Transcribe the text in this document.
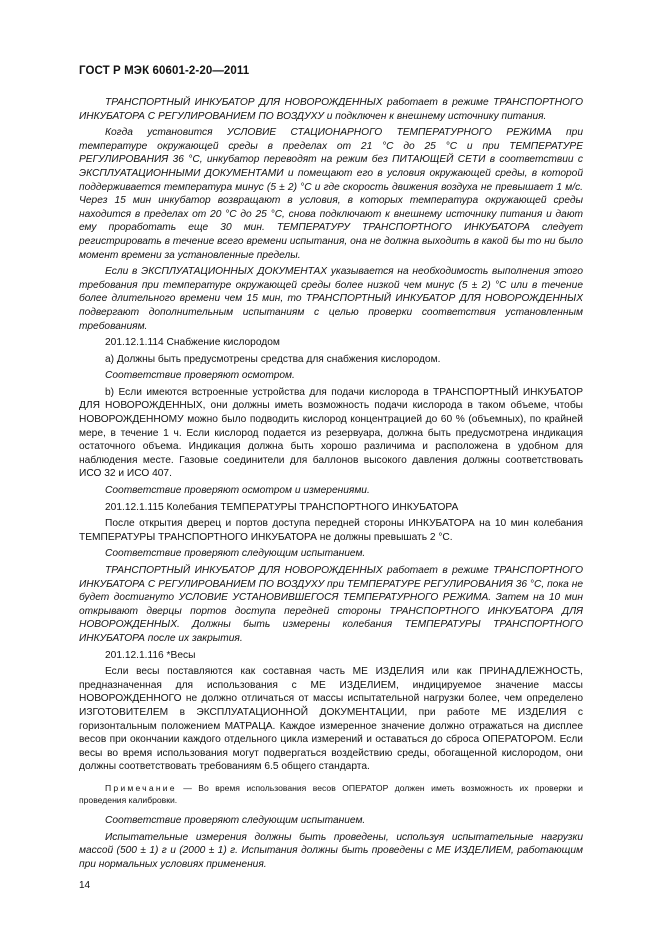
ГОСТ Р МЭК 60601-2-20—2011

ТРАНСПОРТНЫЙ ИНКУБАТОР ДЛЯ НОВОРОЖДЕННЫХ работает в режиме ТРАНСПОРТНОГО ИНКУБАТОРА С РЕГУЛИРОВАНИЕМ ПО ВОЗДУХУ и подключен к внешнему источнику питания.

Когда установится УСЛОВИЕ СТАЦИОНАРНОГО ТЕМПЕРАТУРНОГО РЕЖИМА при температуре окружающей среды в пределах от 21 °C до 25 °C и при ТЕМПЕРАТУРЕ РЕГУЛИРОВАНИЯ 36 °C, инкубатор переводят на режим без ПИТАЮЩЕЙ СЕТИ в соответствии с ЭКСПЛУАТАЦИОННЫМИ ДОКУМЕНТАМИ и помещают его в условия окружающей среды, в которой поддерживается температура минус (5 ± 2) °C и где скорость движения воздуха не превышает 1 м/с. Через 15 мин инкубатор возвращают в условия, в которых температура окружающей среды находится в пределах от 20 °C до 25 °C, снова подключают к внешнему источнику питания и дают ему проработать еще 30 мин. ТЕМПЕРАТУРУ ТРАНСПОРТНОГО ИНКУБАТОРА следует регистрировать в течение всего времени испытания, она не должна выходить в какой бы то ни было момент времени за установленные пределы.

Если в ЭКСПЛУАТАЦИОННЫХ ДОКУМЕНТАХ указывается на необходимость выполнения этого требования при температуре окружающей среды более низкой чем минус (5 ± 2) °C или в течение более длительного времени чем 15 мин, то ТРАНСПОРТНЫЙ ИНКУБАТОР ДЛЯ НОВОРОЖДЕННЫХ подвергают дополнительным испытаниям с целью проверки соответствия установленным требованиям.

201.12.1.114 Снабжение кислородом

a) Должны быть предусмотрены средства для снабжения кислородом.

Соответствие проверяют осмотром.

b) Если имеются встроенные устройства для подачи кислорода в ТРАНСПОРТНЫЙ ИНКУБАТОР ДЛЯ НОВОРОЖДЕННЫХ, они должны иметь возможность подачи кислорода в таком объеме, чтобы НОВОРОЖДЕННОМУ можно было подводить кислород концентрацией до 60 % (объемных), по крайней мере, в течение 1 ч. Если кислород подается из резервуара, должна быть предусмотрена индикация остаточного объема. Индикация должна быть хорошо различима и расположена в удобном для наблюдения месте. Газовые соединители для баллонов высокого давления должны соответствовать ИСО 32 и ИСО 407.

Соответствие проверяют осмотром и измерениями.

201.12.1.115 Колебания ТЕМПЕРАТУРЫ ТРАНСПОРТНОГО ИНКУБАТОРА

После открытия дверец и портов доступа передней стороны ИНКУБАТОРА на 10 мин колебания ТЕМПЕРАТУРЫ ТРАНСПОРТНОГО ИНКУБАТОРА не должны превышать 2 °C.

Соответствие проверяют следующим испытанием.

ТРАНСПОРТНЫЙ ИНКУБАТОР ДЛЯ НОВОРОЖДЕННЫХ работает в режиме ТРАНСПОРТНОГО ИНКУБАТОРА С РЕГУЛИРОВАНИЕМ ПО ВОЗДУХУ при ТЕМПЕРАТУРЕ РЕГУЛИРОВАНИЯ 36 °C, пока не будет достигнуто УСЛОВИЕ УСТАНОВИВШЕГОСЯ ТЕМПЕРАТУРНОГО РЕЖИМА. Затем на 10 мин открывают дверцы портов доступа передней стороны ТРАНСПОРТНОГО ИНКУБАТОРА ДЛЯ НОВОРОЖДЕННЫХ. Должны быть измерены колебания ТЕМПЕРАТУРЫ ТРАНСПОРТНОГО ИНКУБАТОРА после их закрытия.

201.12.1.116 *Весы

Если весы поставляются как составная часть МЕ ИЗДЕЛИЯ или как ПРИНАДЛЕЖНОСТЬ, предназначенная для использования с МЕ ИЗДЕЛИЕМ, индицируемое значение массы НОВОРОЖДЕННОГО не должно отличаться от массы испытательной нагрузки более, чем определено ИЗГОТОВИТЕЛЕМ в ЭКСПЛУАТАЦИОННОЙ ДОКУМЕНТАЦИИ, при работе МЕ ИЗДЕЛИЯ с горизонтальным положением МАТРАЦА. Каждое измеренное значение должно отражаться на дисплее весов при окончании каждого отдельного цикла измерений и оставаться до сброса ОПЕРАТОРОМ. Если весы во время использования могут подвергаться воздействию среды, обогащенной кислородом, они должны соответствовать требованиям 6.5 общего стандарта.

Примечание — Во время использования весов ОПЕРАТОР должен иметь возможность их проверки и проведения калибровки.

Соответствие проверяют следующим испытанием.

Испытательные измерения должны быть проведены, используя испытательные нагрузки массой (500 ± 1) г и (2000 ± 1) г. Испытания должны быть проведены с МЕ ИЗДЕЛИЕМ, работающим при нормальных условиях применения.

14
